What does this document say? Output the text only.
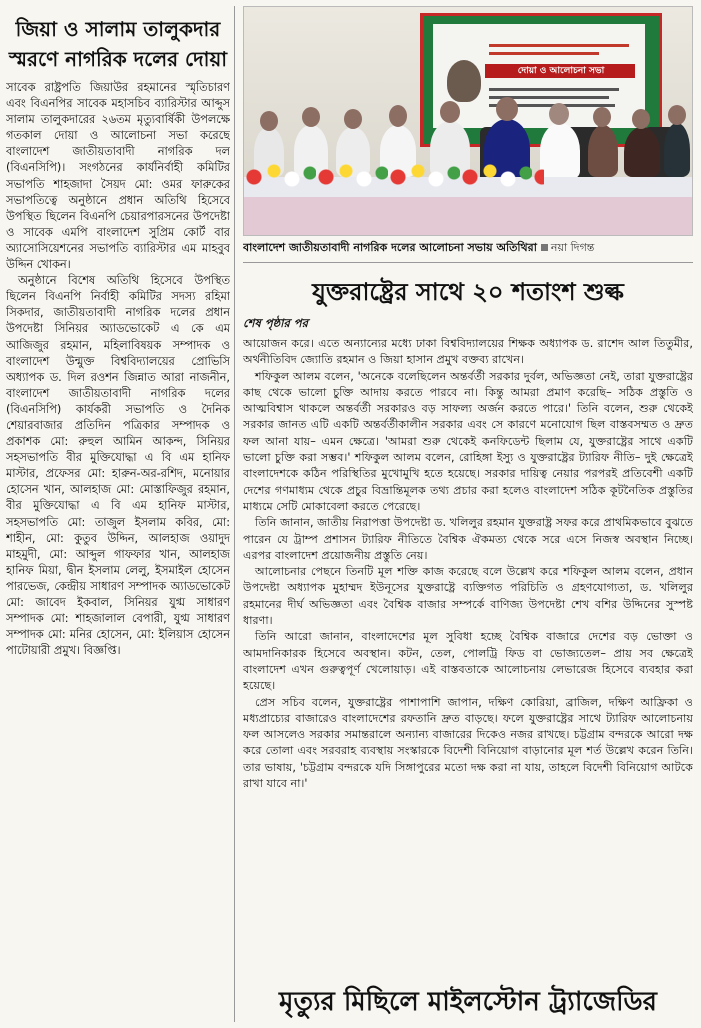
জিয়া ও সালাম তালুকদার স্মরণে নাগরিক দলের দোয়া

সাবেক রাষ্ট্রপতি জিয়াউর রহমানের স্মৃতিচারণ এবং বিএনপির সাবেক মহাসচিব ব্যারিস্টার আব্দুস সালাম তালুকদারের ২৬তম মৃত্যুবার্ষিকী উপলক্ষে গতকাল দোয়া ও আলোচনা সভা করেছে বাংলাদেশ জাতীয়তাবাদী নাগরিক দল (বিএনসিপি)। সংগঠনের কার্যনির্বাহী কমিটির সভাপতি শাহজাদা সৈয়দ মো: ওমর ফারুকের সভাপতিত্বে অনুষ্ঠানে প্রধান অতিথি হিসেবে উপস্থিত ছিলেন বিএনপি চেয়ারপারসনের উপদেষ্টা ও সাবেক এমপি বাংলাদেশ সুপ্রিম কোর্ট বার অ্যাসোসিয়েশনের সভাপতি ব্যারিস্টার এম মাহবুব উদ্দিন খোকন।

অনুষ্ঠানে বিশেষ অতিথি হিসেবে উপস্থিত ছিলেন বিএনপি নির্বাহী কমিটির সদস্য রহিমা সিকদার, জাতীয়তাবাদী নাগরিক দলের প্রধান উপদেষ্টা সিনিয়র অ্যাডভোকেট এ কে এম আজিজুর রহমান, মহিলাবিষয়ক সম্পাদক ও বাংলাদেশ উন্মুক্ত বিশ্ববিদ্যালয়ের প্রোভিসি অধ্যাপক ড. দিল রওশন জিন্নাত আরা নাজনীন, বাংলাদেশ জাতীয়তাবাদী নাগরিক দলের (বিএনসিপি) কার্যকরী সভাপতি ও দৈনিক শেয়ারবাজার প্রতিদিন পত্রিকার সম্পাদক ও প্রকাশক মো: রুহুল আমিন আকন্দ, সিনিয়র সহসভাপতি বীর মুক্তিযোদ্ধা এ বি এম হানিফ মাস্টার, প্রফেসর মো: হারুন-অর-রশিদ, মনোয়ার হোসেন খান, আলহাজ মো: মোস্তাফিজুর রহমান, বীর মুক্তিযোদ্ধা এ বি এম হানিফ মাস্টার, সহসভাপতি মো: তাজুল ইসলাম কবির, মো: শাহীন, মো: কুতুব উদ্দিন, আলহাজ ওয়াদুদ মাহমুদী, মো: আব্দুল গাফফার খান, আলহাজ হানিফ মিয়া, দ্বীন ইসলাম লেলু, ইসমাইল হোসেন পারভেজ, কেন্দ্রীয় সাধারণ সম্পাদক অ্যাডভোকেট মো: জাবেদ ইকবাল, সিনিয়র যুগ্ম সাধারণ সম্পাদক মো: শাহজালাল বেপারী, যুগ্ম সাধারণ সম্পাদক মো: মনির হোসেন, মো: ইলিয়াস হোসেন পাটোয়ারী প্রমুখ। বিজ্ঞপ্তি।

দোয়া ও আলোচনা সভা
বাংলাদেশ জাতীয়তাবাদী নাগরিক দলের আলোচনা সভায় অতিথিরা নয়া দিগন্ত
যুক্তরাষ্ট্রের সাথে ২০ শতাংশ শুল্ক
শেষ পৃষ্ঠার পর

আয়োজন করে। এতে অন্যান্যের মধ্যে ঢাকা বিশ্ববিদ্যালয়ের শিক্ষক অধ্যাপক ড. রাশেদ আল তিতুমীর, অর্থনীতিবিদ জ্যোতি রহমান ও জিয়া হাসান প্রমুখ বক্তব্য রাখেন।

শফিকুল আলম বলেন, 'অনেকে বলেছিলেন অন্তর্বর্তী সরকার দুর্বল, অভিজ্ঞতা নেই, তারা যুক্তরাষ্ট্রের কাছ থেকে ভালো চুক্তি আদায় করতে পারবে না। কিন্তু আমরা প্রমাণ করেছি– সঠিক প্রস্তুতি ও আত্মবিশ্বাস থাকলে অন্তর্বর্তী সরকারও বড় সাফল্য অর্জন করতে পারে।' তিনি বলেন, শুরু থেকেই সরকার জানত এটি একটি অন্তর্বর্তীকালীন সরকার এবং সে কারণে মনোযোগ ছিল বাস্তবসম্মত ও দ্রুত ফল আনা যায়– এমন ক্ষেত্রে। 'আমরা শুরু থেকেই কনফিডেন্ট ছিলাম যে, যুক্তরাষ্ট্রের সাথে একটি ভালো চুক্তি করা সম্ভব।' শফিকুল আলম বলেন, রোহিঙ্গা ইস্যু ও যুক্তরাষ্ট্রের ট্যারিফ নীতি– দুই ক্ষেত্রেই বাংলাদেশকে কঠিন পরিস্থিতির মুখোমুখি হতে হয়েছে। সরকার দায়িত্ব নেয়ার পরপরই প্রতিবেশী একটি দেশের গণমাধ্যম থেকে প্রচুর বিভ্রান্তিমূলক তথ্য প্রচার করা হলেও বাংলাদেশ সঠিক কূটনৈতিক প্রস্তুতির মাধ্যমে সেটি মোকাবেলা করতে পেরেছে।

তিনি জানান, জাতীয় নিরাপত্তা উপদেষ্টা ড. খলিলুর রহমান যুক্তরাষ্ট্র সফর করে প্রাথমিকভাবে বুঝতে পারেন যে ট্রাম্প প্রশাসন ট্যারিফ নীতিতে বৈশ্বিক ঐকমত্য থেকে সরে এসে নিজস্ব অবস্থান নিচ্ছে। এরপর বাংলাদেশ প্রয়োজনীয় প্রস্তুতি নেয়।

আলোচনার পেছনে তিনটি মূল শক্তি কাজ করেছে বলে উল্লেখ করে শফিকুল আলম বলেন, প্রধান উপদেষ্টা অধ্যাপক মুহাম্মদ ইউনূসের যুক্তরাষ্ট্রে ব্যক্তিগত পরিচিতি ও গ্রহণযোগ্যতা, ড. খলিলুর রহমানের দীর্ঘ অভিজ্ঞতা এবং বৈশ্বিক বাজার সম্পর্কে বাণিজ্য উপদেষ্টা শেখ বশির উদ্দিনের সুস্পষ্ট ধারণা।

তিনি আরো জানান, বাংলাদেশের মূল সুবিধা হচ্ছে বৈশ্বিক বাজারে দেশের বড় ভোক্তা ও আমদানিকারক হিসেবে অবস্থান। কটন, তেল, পোলট্রি ফিড বা ভোজ্যতেল– প্রায় সব ক্ষেত্রেই বাংলাদেশ এখন গুরুত্বপূর্ণ খেলোয়াড়। এই বাস্তবতাকে আলোচনায় লেভারেজ হিসেবে ব্যবহার করা হয়েছে।

প্রেস সচিব বলেন, যুক্তরাষ্ট্রের পাশাপাশি জাপান, দক্ষিণ কোরিয়া, ব্রাজিল, দক্ষিণ আফ্রিকা ও মধ্যপ্রাচ্যের বাজারেও বাংলাদেশের রফতানি দ্রুত বাড়ছে। ফলে যুক্তরাষ্ট্রের সাথে ট্যারিফ আলোচনায় ফল আসলেও সরকার সমান্তরালে অন্যান্য বাজারের দিকেও নজর রাখছে। চট্টগ্রাম বন্দরকে আরো দক্ষ করে তোলা এবং সরবরাহ ব্যবস্থায় সংস্কারকে বিদেশী বিনিয়োগ বাড়ানোর মূল শর্ত উল্লেখ করেন তিনি। তার ভাষায়, 'চট্টগ্রাম বন্দরকে যদি সিঙ্গাপুরের মতো দক্ষ করা না যায়, তাহলে বিদেশী বিনিয়োগ আটকে রাখা যাবে না।'

মৃত্যুর মিছিলে মাইলস্টোন ট্র্যাজেডির
